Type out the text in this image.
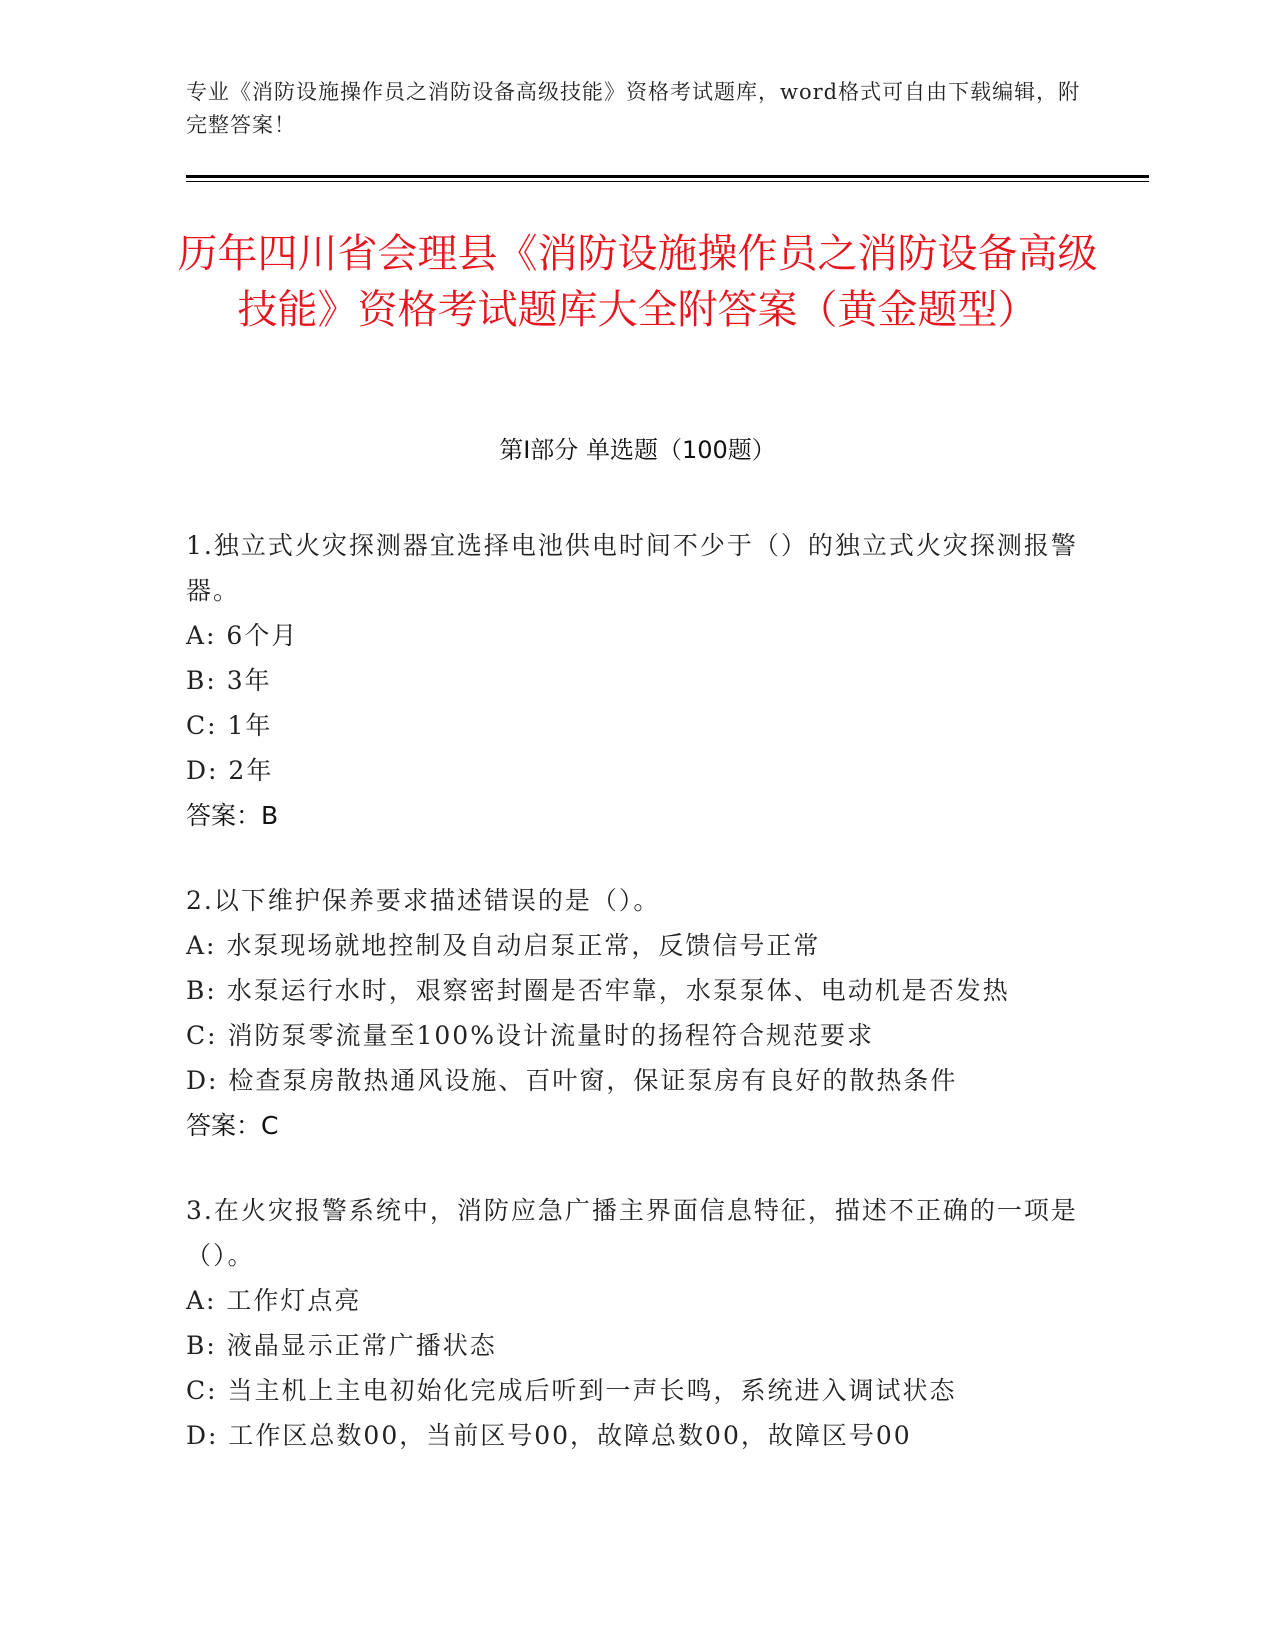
专业《消防设施操作员之消防设备高级技能》资格考试题库，word格式可自由下载编辑，附完整答案！
历年四川省会理县《消防设施操作员之消防设备高级技能》资格考试题库大全附答案（黄金题型）
第Ⅰ部分 单选题（100题）
1.独立式火灾探测器宜选择电池供电时间不少于（）的独立式火灾探测报警器。
A: 6个月
B: 3年
C: 1年
D: 2年
答案：B
2.以下维护保养要求描述错误的是（）。
A: 水泵现场就地控制及自动启泵正常，反馈信号正常
B: 水泵运行水时，艰察密封圈是否牢靠，水泵泵体、电动机是否发热
C: 消防泵零流量至100%设计流量时的扬程符合规范要求
D: 检查泵房散热通风设施、百叶窗，保证泵房有良好的散热条件
答案：C
3.在火灾报警系统中，消防应急广播主界面信息特征，描述不正确的一项是（）。
A: 工作灯点亮
B: 液晶显示正常广播状态
C: 当主机上主电初始化完成后听到一声长鸣，系统进入调试状态
D: 工作区总数00，当前区号00，故障总数00，故障区号00
